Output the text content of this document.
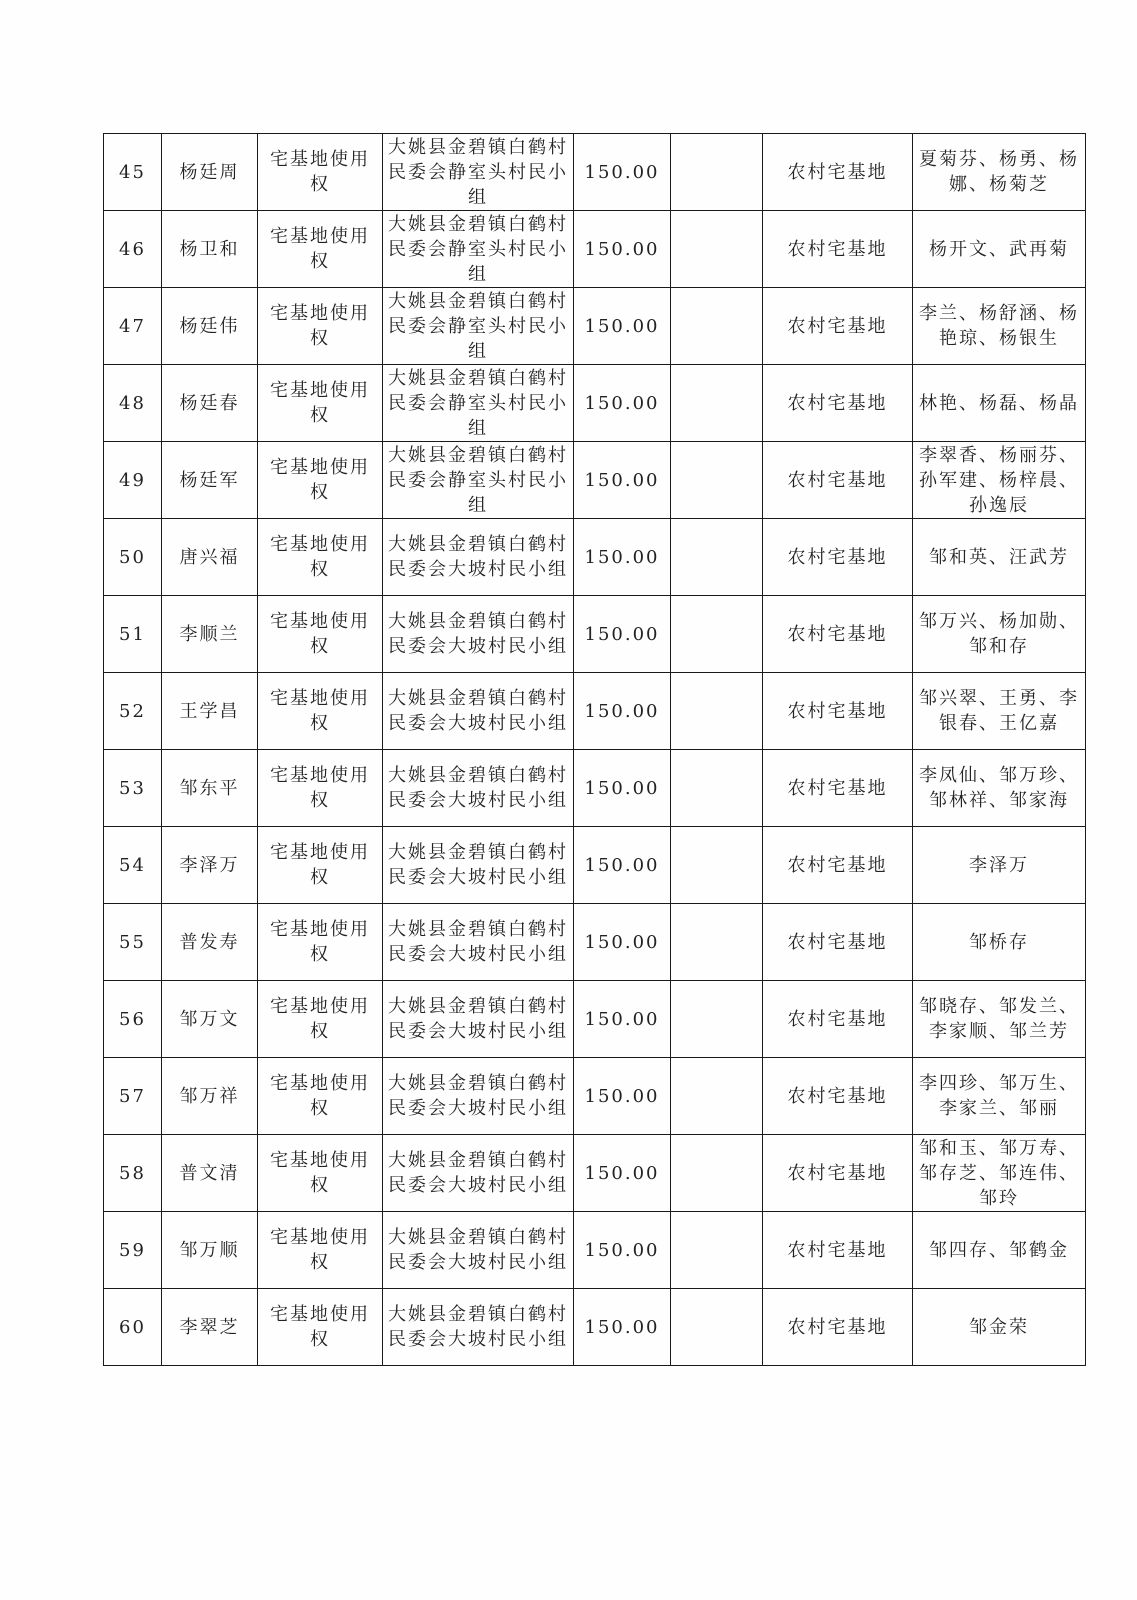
45	杨廷周	宅基地使用权	大姚县金碧镇白鹤村民委会静室头村民小组	150.00		农村宅基地	夏菊芬、杨勇、杨娜、杨菊芝
46	杨卫和	宅基地使用权	大姚县金碧镇白鹤村民委会静室头村民小组	150.00		农村宅基地	杨开文、武再菊
47	杨廷伟	宅基地使用权	大姚县金碧镇白鹤村民委会静室头村民小组	150.00		农村宅基地	李兰、杨舒涵、杨艳琼、杨银生
48	杨廷春	宅基地使用权	大姚县金碧镇白鹤村民委会静室头村民小组	150.00		农村宅基地	林艳、杨磊、杨晶
49	杨廷军	宅基地使用权	大姚县金碧镇白鹤村民委会静室头村民小组	150.00		农村宅基地	李翠香、杨丽芬、孙军建、杨梓晨、孙逸辰
50	唐兴福	宅基地使用权	大姚县金碧镇白鹤村民委会大坡村民小组	150.00		农村宅基地	邹和英、汪武芳
51	李顺兰	宅基地使用权	大姚县金碧镇白鹤村民委会大坡村民小组	150.00		农村宅基地	邹万兴、杨加勋、邹和存
52	王学昌	宅基地使用权	大姚县金碧镇白鹤村民委会大坡村民小组	150.00		农村宅基地	邹兴翠、王勇、李银春、王亿嘉
53	邹东平	宅基地使用权	大姚县金碧镇白鹤村民委会大坡村民小组	150.00		农村宅基地	李凤仙、邹万珍、邹林祥、邹家海
54	李泽万	宅基地使用权	大姚县金碧镇白鹤村民委会大坡村民小组	150.00		农村宅基地	李泽万
55	普发寿	宅基地使用权	大姚县金碧镇白鹤村民委会大坡村民小组	150.00		农村宅基地	邹桥存
56	邹万文	宅基地使用权	大姚县金碧镇白鹤村民委会大坡村民小组	150.00		农村宅基地	邹晓存、邹发兰、李家顺、邹兰芳
57	邹万祥	宅基地使用权	大姚县金碧镇白鹤村民委会大坡村民小组	150.00		农村宅基地	李四珍、邹万生、李家兰、邹丽
58	普文清	宅基地使用权	大姚县金碧镇白鹤村民委会大坡村民小组	150.00		农村宅基地	邹和玉、邹万寿、邹存芝、邹连伟、邹玲
59	邹万顺	宅基地使用权	大姚县金碧镇白鹤村民委会大坡村民小组	150.00		农村宅基地	邹四存、邹鹤金
60	李翠芝	宅基地使用权	大姚县金碧镇白鹤村民委会大坡村民小组	150.00		农村宅基地	邹金荣
